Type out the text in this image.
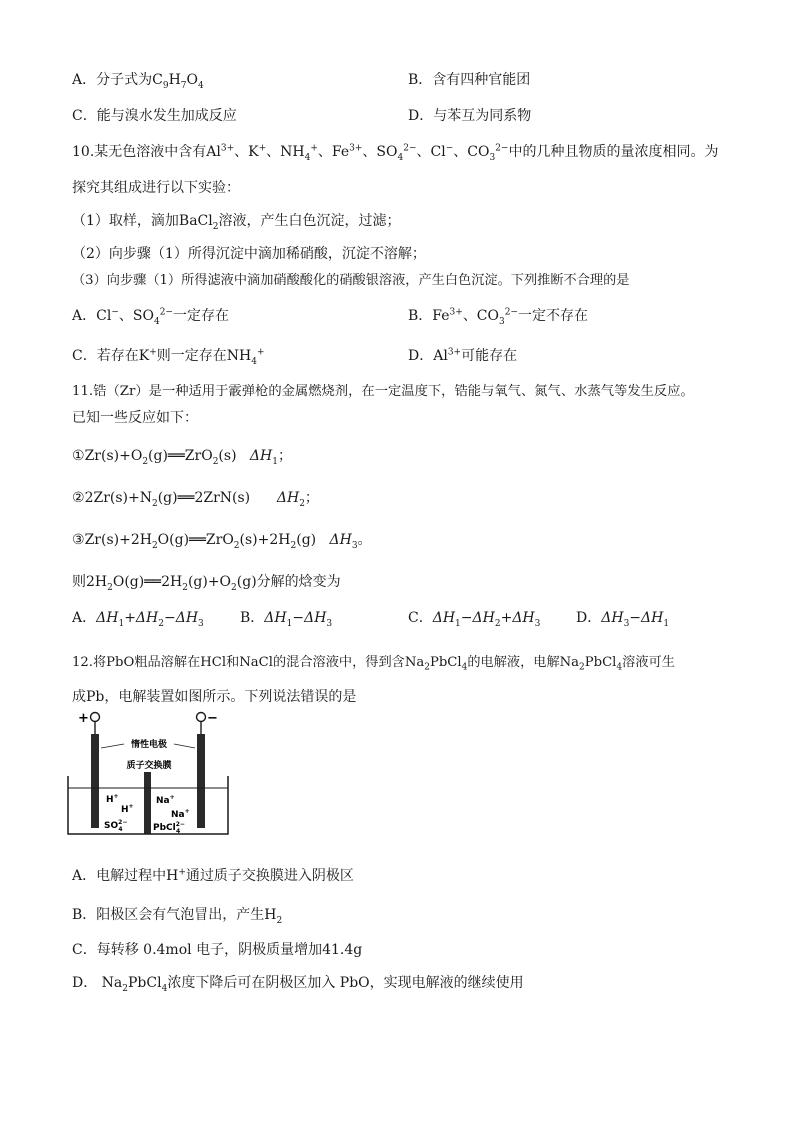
A．分子式为$C_9H_7O_4$	B．含有四种官能团
C．能与溴水发生加成反应	D．与苯互为同系物
10.某无色溶液中含有$Al^{3+}$、K+、$NH_4^+$、$Fe^{3+}$、$SO_4^{2-}$、Cl−、$CO_3^{2-}$中的几种且物质的量浓度相同。为
探究其组成进行以下实验：
（1）取样，滴加BaCl$_2$溶液，产生白色沉淀，过滤；
（2）向步骤（1）所得沉淀中滴加稀硝酸，沉淀不溶解；
（3）向步骤（1）所得滤液中滴加硝酸酸化的硝酸银溶液，产生白色沉淀。下列推断不合理的是
A．Cl−、$SO_4^{2-}$一定存在	B．$Fe^{3+}$、$CO_3^{2-}$一定不存在
C．若存在K+则一定存在$NH_4^+$	D．$Al^{3+}$可能存在
11.锆（Zr）是一种适用于霰弹枪的金属燃烧剂，在一定温度下，锆能与氧气、氮气、水蒸气等发生反应。
已知一些反应如下：
$①Zr(s)+O_2(g)══ZrO_2(s)$   $\Delta H_1$；
$②2Zr(s)+N_2(g)══2ZrN(s)$      $\Delta H_2$；
$③Zr(s)+2H_2O(g)══ZrO_2(s)+2H_2(g)$   $\Delta H_3$。
则$2H_2O(g)══2H_2(g)+O_2(g)$分解的焓变为
A．$\Delta H_1+\Delta H_2-\Delta H_3$	B．$\Delta H_1-\Delta H_3$	C．$\Delta H_1-\Delta H_2+\Delta H_3$	D．$\Delta H_3-\Delta H_1$
12.将PbO粗品溶解在HCl和NaCl的混合溶液中，得到含$Na_2PbCl_4$的电解液，电解$Na_2PbCl_4$溶液可生
成Pb，电解装置如图所示。下列说法错误的是
+	−
惰性电极
质子交换膜
H+
H+
$SO^{2-}$ 4
Na+
Na+
PbCl$^{2-}$ 4
A．电解过程中H+通过质子交换膜进入阴极区
B．阳极区会有气泡冒出，产生$H_2$
C．每转移 0.4mol 电子，阴极质量增加41.4g
D． $Na_2PbCl_4$浓度下降后可在阴极区加入 PbO，实现电解液的继续使用
